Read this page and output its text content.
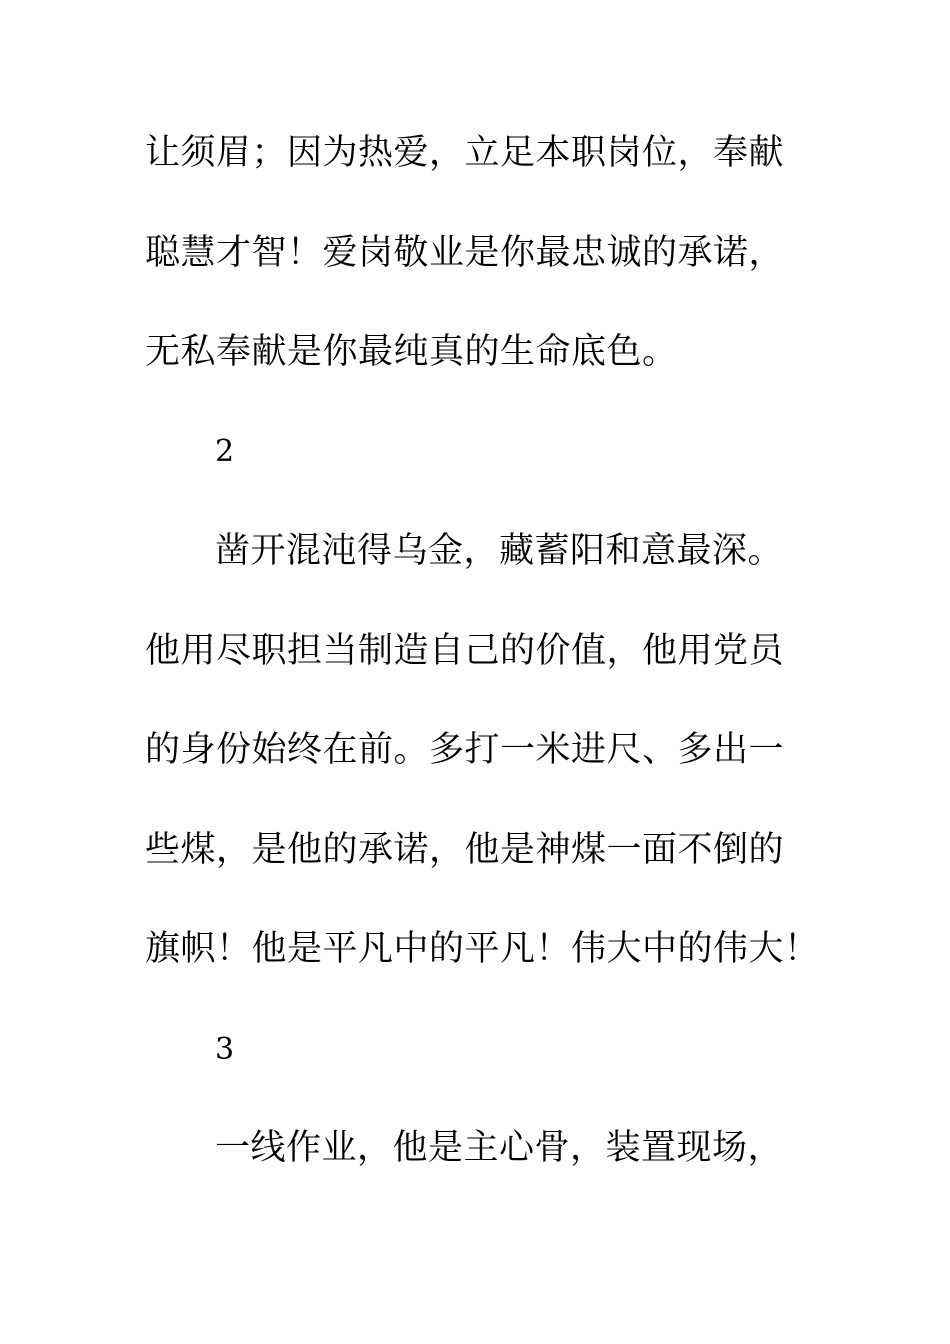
让须眉；因为热爱，立足本职岗位，奉献
聪慧才智！爱岗敬业是你最忠诚的承诺，
无私奉献是你最纯真的生命底色。
2
凿开混沌得乌金，藏蓄阳和意最深。
他用尽职担当制造自己的价值，他用党员
的身份始终在前。多打一米进尺、多出一
些煤，是他的承诺，他是神煤一面不倒的
旗帜！他是平凡中的平凡！伟大中的伟大！
3
一线作业，他是主心骨，装置现场，
